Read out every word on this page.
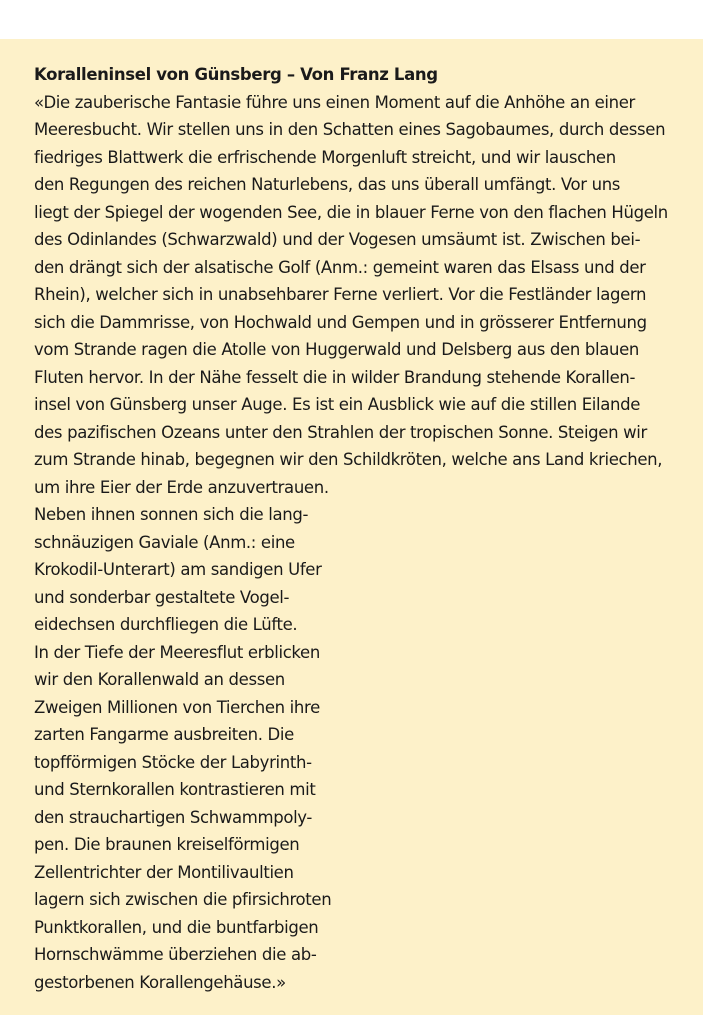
Koralleninsel von Günsberg – Von Franz Lang
«Die zauberische Fantasie führe uns einen Moment auf die Anhöhe an einer
Meeresbucht. Wir stellen uns in den Schatten eines Sagobaumes, durch dessen
fiedriges Blattwerk die erfrischende Morgenluft streicht, und wir lauschen
den Regungen des reichen Naturlebens, das uns überall umfängt. Vor uns
liegt der Spiegel der wogenden See, die in blauer Ferne von den flachen Hügeln
des Odinlandes (Schwarzwald) und der Vogesen umsäumt ist. Zwischen bei-
den drängt sich der alsatische Golf (Anm.: gemeint waren das Elsass und der
Rhein), welcher sich in unabsehbarer Ferne verliert. Vor die Festländer lagern
sich die Dammrisse, von Hochwald und Gempen und in grösserer Entfernung
vom Strande ragen die Atolle von Huggerwald und Delsberg aus den blauen
Fluten hervor. In der Nähe fesselt die in wilder Brandung stehende Korallen-
insel von Günsberg unser Auge. Es ist ein Ausblick wie auf die stillen Eilande
des pazifischen Ozeans unter den Strahlen der tropischen Sonne. Steigen wir
zum Strande hinab, begegnen wir den Schildkröten, welche ans Land kriechen,
um ihre Eier der Erde anzuvertrauen.
Neben ihnen sonnen sich die lang-
schnäuzigen Gaviale (Anm.: eine
Krokodil-Unterart) am sandigen Ufer
und sonderbar gestaltete Vogel-
eidechsen durchfliegen die Lüfte.
In der Tiefe der Meeresflut erblicken
wir den Korallenwald an dessen
Zweigen Millionen von Tierchen ihre
zarten Fangarme ausbreiten. Die
topfförmigen Stöcke der Labyrinth-
und Sternkorallen kontrastieren mit
den strauchartigen Schwammpoly-
pen. Die braunen kreiselförmigen
Zellentrichter der Montilivaultien
lagern sich zwischen die pfirsichroten
Punktkorallen, und die buntfarbigen
Hornschwämme überziehen die ab-
gestorbenen Korallengehäuse.»
